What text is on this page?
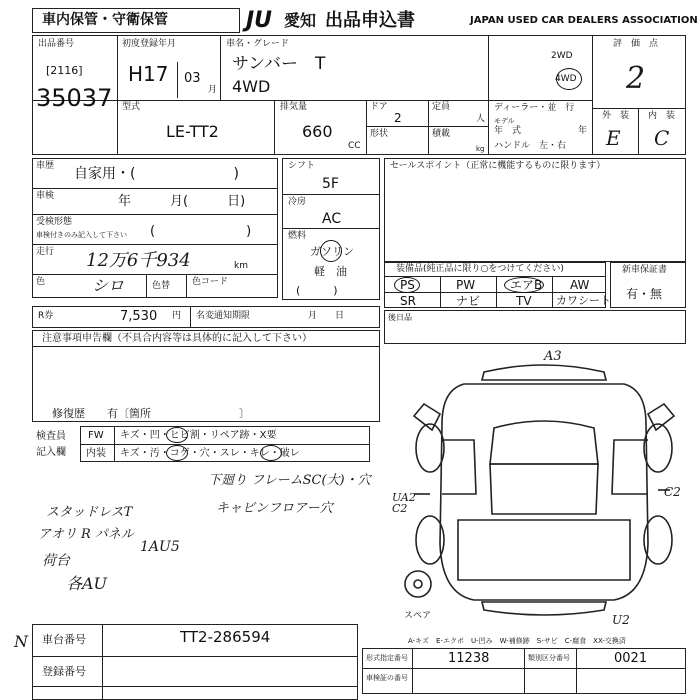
車内保管・守衛保管	JU 愛知 出品申込書	JAPAN USED CAR DEALERS ASSOCIATION
出品番号
[2116]
35037
初度登録年月
H17 03
月
車名・グレード
サンバー　T
4WD
2WD
4WD
評　価　点
2
外　装 内　装
E C
型式
LE-TT2
排気量
660
CC
ドア
2
形状
定員
人
積載
kg
ディーラー・並　行
モデル
年　式	年
ハンドル　左・右
車歴 自家用・(　　　　　　　)
車検	年　　　月(　　　日)
受検形態
車検付きのみ記入して下さい (　　　　　　　)
走行 12万6千934	km
色	シロ	色替 色コード
シフト
5F
冷房
AC
燃料
ガソリン
軽　油
(　　　)
セールスポイント（正常に機能するものに限ります）
装備品(純正品に限り○をつけてください)
PS	PW	エアB AW
SR	ナビ	TV カワシート
新車保証書
有・無
R券	7,530 円 名変通知期限	月　　日	後日品
注意事項申告欄（不具合内容等は具体的に記入して下さい）
修復歴　　有〔箇所　　　　　　　　〕
検査員
記入欄
FW キズ・凹・ヒビ割・リペア跡・X要
内装 キズ・汚・コゲ・穴・スレ・キレ・破レ
下廻り フレームSC(大)・穴
キャビンフロアー穴
スタッドレスT
アオリ R パネル
1AU5
荷台
各AU
N
A3
UA2
C2
C2
U2
スペア
A-キズ　E-エクボ　U-凹み　W-補修跡　S-サビ　C-腐食　XX-交換済
車台番号	TT2-286594
登録番号
形式指定番号	11238	類別区分番号	0021
車検証の番号
